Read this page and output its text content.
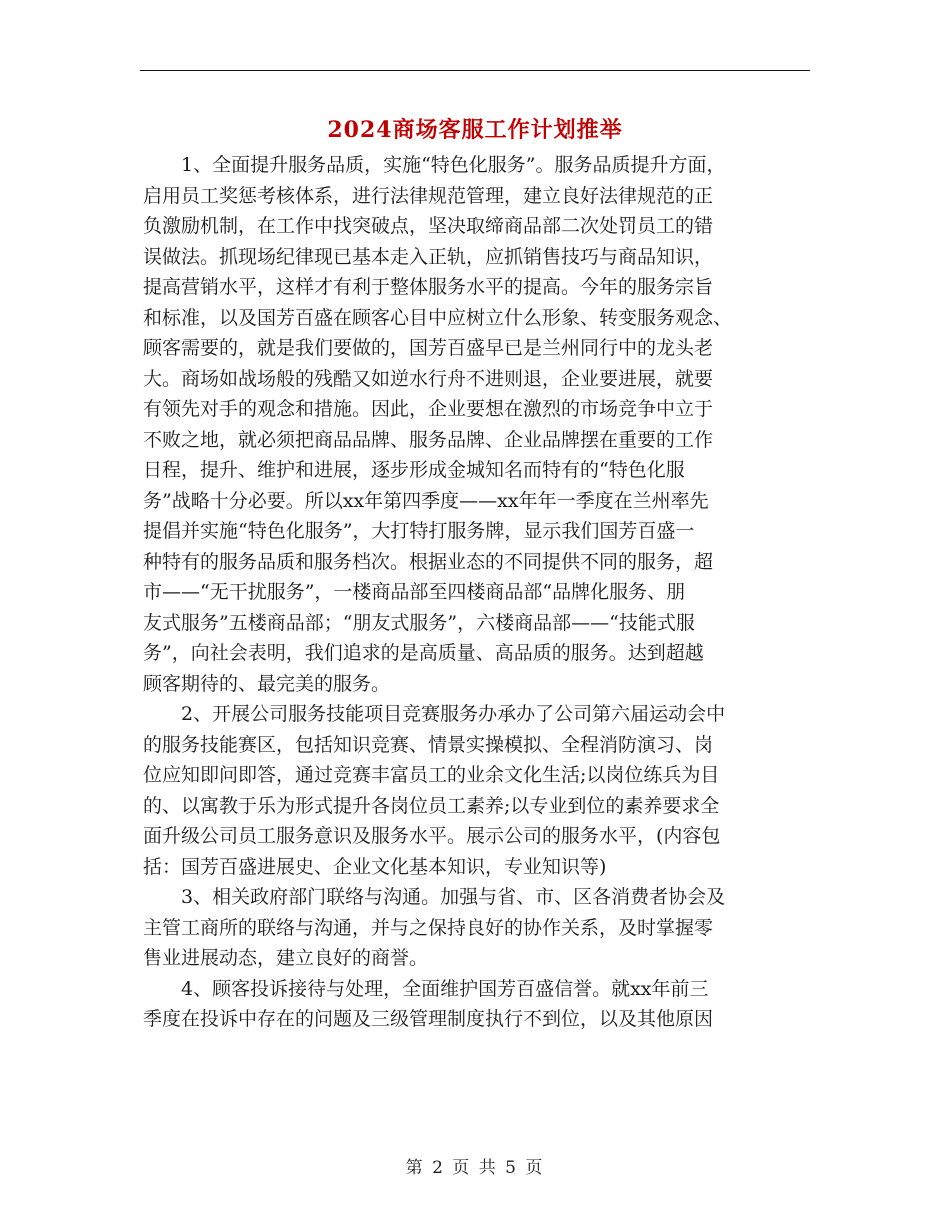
2024商场客服工作计划推举
1、全面提升服务品质，实施“特色化服务”。服务品质提升方面，
启用员工奖惩考核体系，进行法律规范管理，建立良好法律规范的正
负激励机制，在工作中找突破点，坚决取缔商品部二次处罚员工的错
误做法。抓现场纪律现已基本走入正轨，应抓销售技巧与商品知识，
提高营销水平，这样才有利于整体服务水平的提高。今年的服务宗旨
和标准，以及国芳百盛在顾客心目中应树立什么形象、转变服务观念、
顾客需要的，就是我们要做的，国芳百盛早已是兰州同行中的龙头老
大。商场如战场般的残酷又如逆水行舟不进则退，企业要进展，就要
有领先对手的观念和措施。因此，企业要想在激烈的市场竞争中立于
不败之地，就必须把商品品牌、服务品牌、企业品牌摆在重要的工作
日程，提升、维护和进展，逐步形成金城知名而特有的“特色化服
务”战略十分必要。所以xx年第四季度——xx年年一季度在兰州率先
提倡并实施“特色化服务”，大打特打服务牌，显示我们国芳百盛一
种特有的服务品质和服务档次。根据业态的不同提供不同的服务，超
市——“无干扰服务”，一楼商品部至四楼商品部“品牌化服务、朋
友式服务”五楼商品部；“朋友式服务”，六楼商品部——“技能式服
务”，向社会表明，我们追求的是高质量、高品质的服务。达到超越
顾客期待的、最完美的服务。
2、开展公司服务技能项目竞赛服务办承办了公司第六届运动会中
的服务技能赛区，包括知识竞赛、情景实操模拟、全程消防演习、岗
位应知即问即答，通过竞赛丰富员工的业余文化生活;以岗位练兵为目
的、以寓教于乐为形式提升各岗位员工素养;以专业到位的素养要求全
面升级公司员工服务意识及服务水平。展示公司的服务水平，(内容包
括：国芳百盛进展史、企业文化基本知识，专业知识等)
3、相关政府部门联络与沟通。加强与省、市、区各消费者协会及
主管工商所的联络与沟通，并与之保持良好的协作关系，及时掌握零
售业进展动态，建立良好的商誉。
4、顾客投诉接待与处理，全面维护国芳百盛信誉。就xx年前三
季度在投诉中存在的问题及三级管理制度执行不到位，以及其他原因
第 2 页 共 5 页
